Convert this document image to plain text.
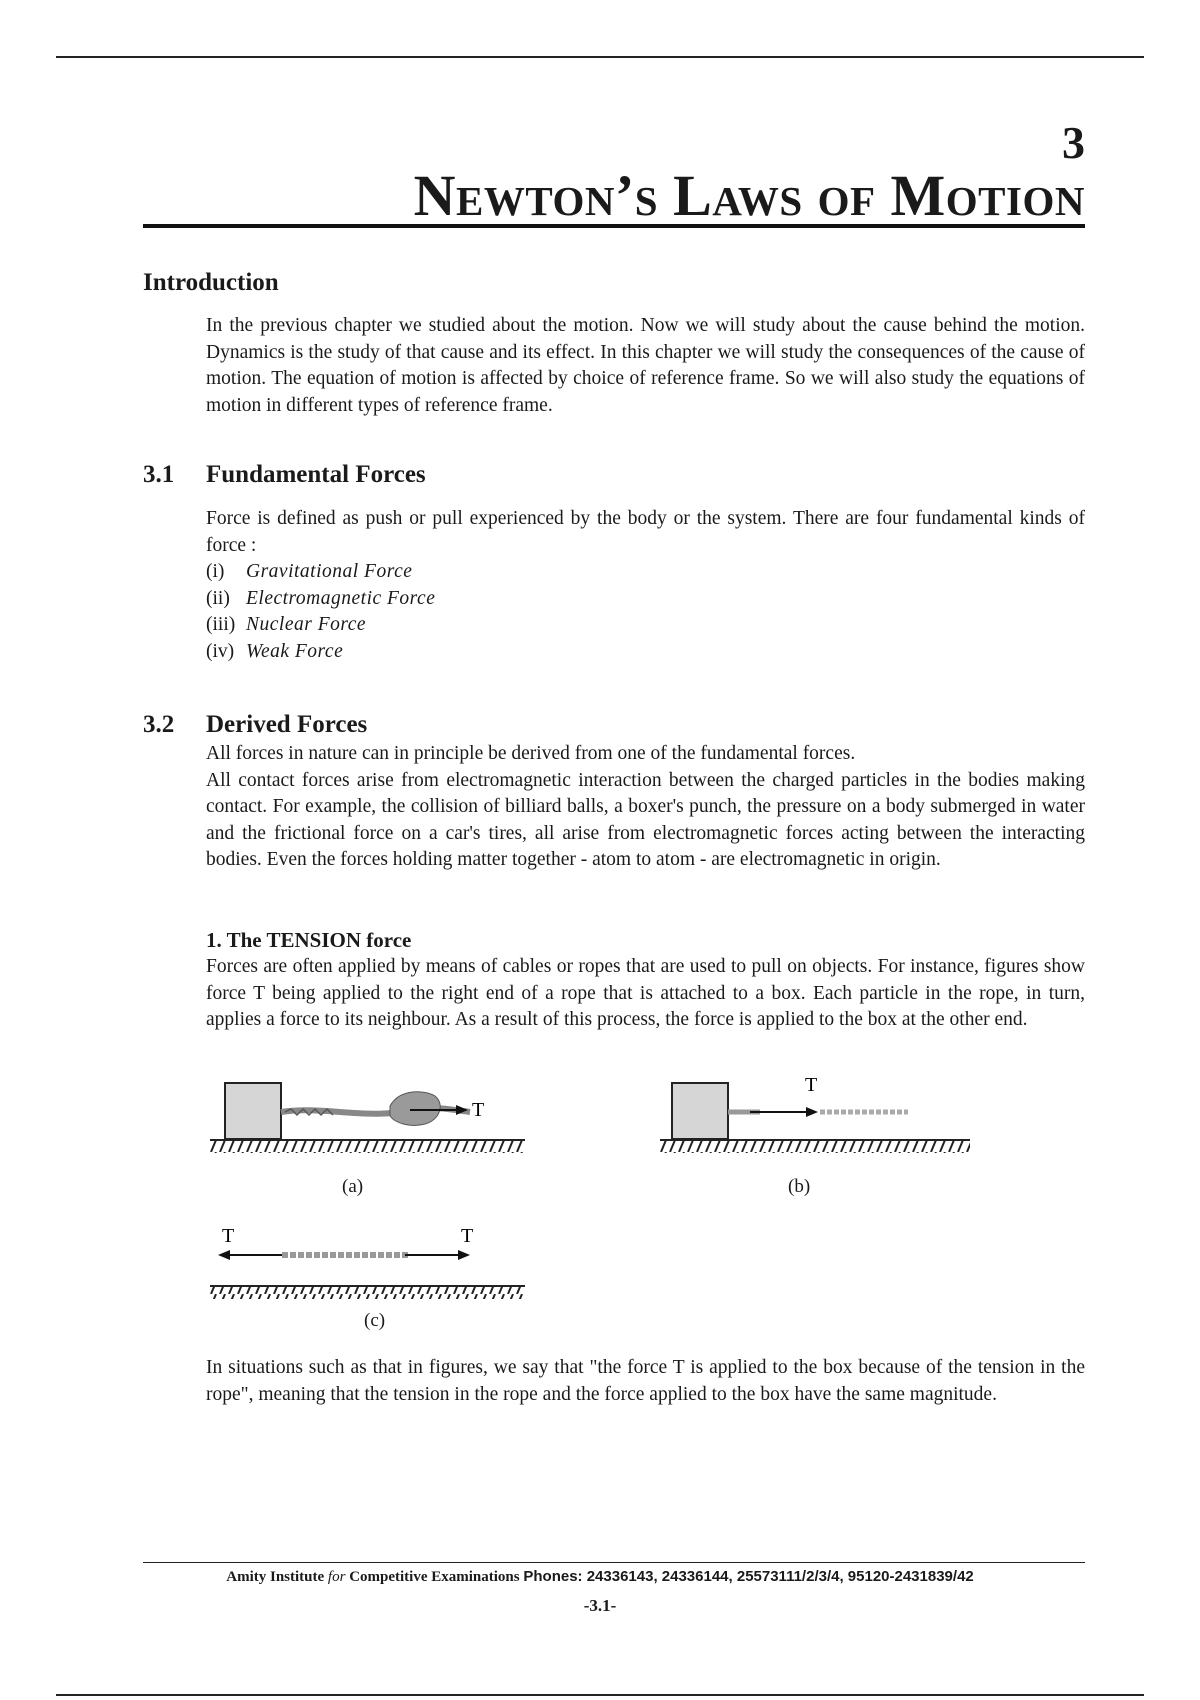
3
Newton’s Laws of Motion
Introduction

In the previous chapter we studied about the motion. Now we will study about the cause behind the motion. Dynamics is the study of that cause and its effect. In this chapter we will study the consequences of the cause of motion. The equation of motion is affected by choice of reference frame. So we will also study the equations of motion in different types of reference frame.

3.1 Fundamental Forces

Force is defined as push or pull experienced by the body or the system. There are four fundamental kinds of force :

(i) Gravitational Force
(ii) Electromagnetic Force
(iii) Nuclear Force
(iv) Weak Force
3.2 Derived Forces

All forces in nature can in principle be derived from one of the fundamental forces.
All contact forces arise from electromagnetic interaction between the charged particles in the bodies making contact. For example, the collision of billiard balls, a boxer's punch, the pressure on a body submerged in water and the frictional force on a car's tires, all arise from electromagnetic forces acting between the interacting bodies. Even the forces holding matter together - atom to atom - are electromagnetic in origin.

1. The TENSION force

Forces are often applied by means of cables or ropes that are used to pull on objects. For instance, figures show force T being applied to the right end of a rope that is attached to a box. Each particle in the rope, in turn, applies a force to its neighbour. As a result of this process, the force is applied to the box at the other end.

T
(a)
T
(b)
T	T
(c)

In situations such as that in figures, we say that "the force T is applied to the box because of the tension in the rope", meaning that the tension in the rope and the force applied to the box have the same magnitude.

Amity Institute for Competitive Examinations Phones: 24336143, 24336144, 25573111/2/3/4, 95120-2431839/42
-3.1-
